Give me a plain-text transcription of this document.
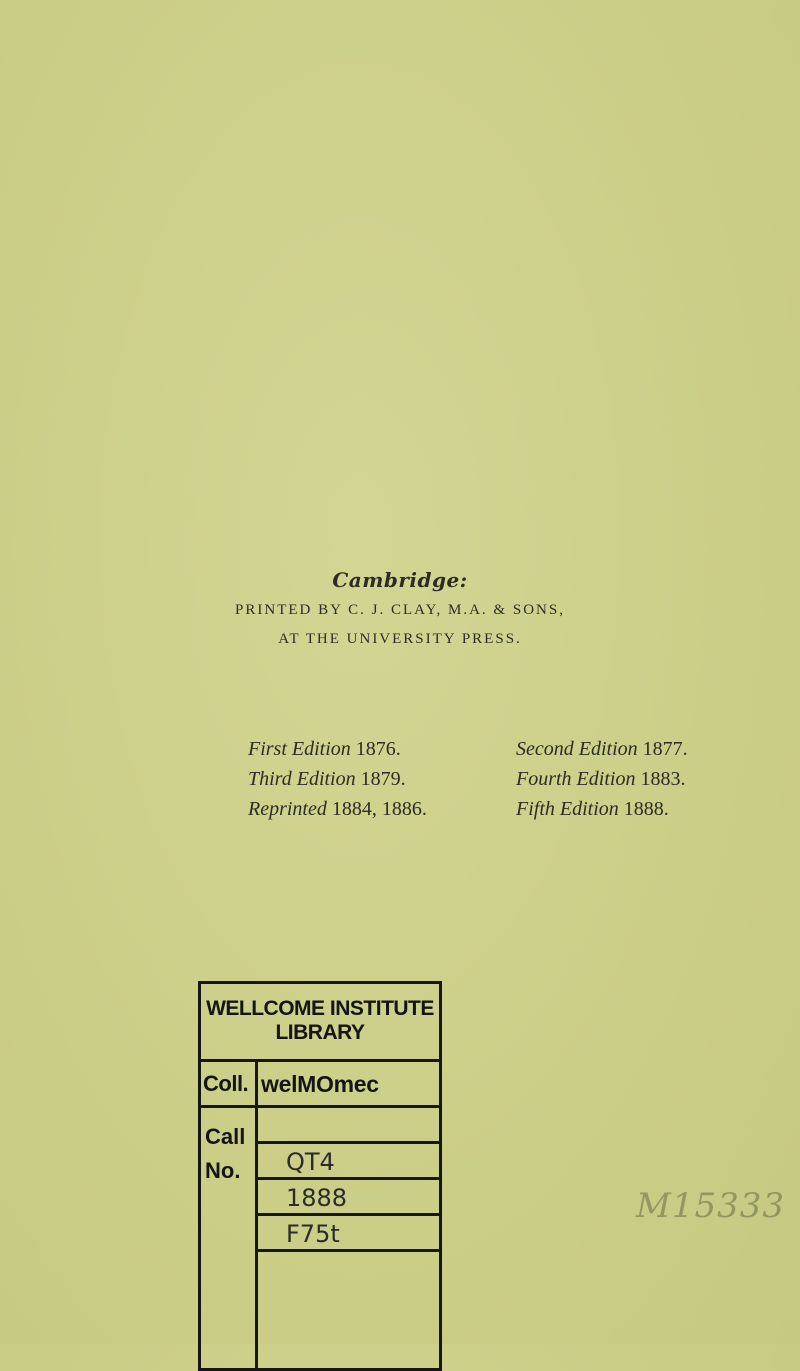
Cambridge:
PRINTED BY C. J. CLAY, M.A. & SONS,
AT THE UNIVERSITY PRESS.
First Edition 1876.	Second Edition 1877.
Third Edition 1879.	Fourth Edition 1883.
Reprinted 1884, 1886.	Fifth Edition 1888.
WELLCOME INSTITUTE
LIBRARY
Coll. welMOmec
Call
No.	QT4
1888
F75t
M15333
